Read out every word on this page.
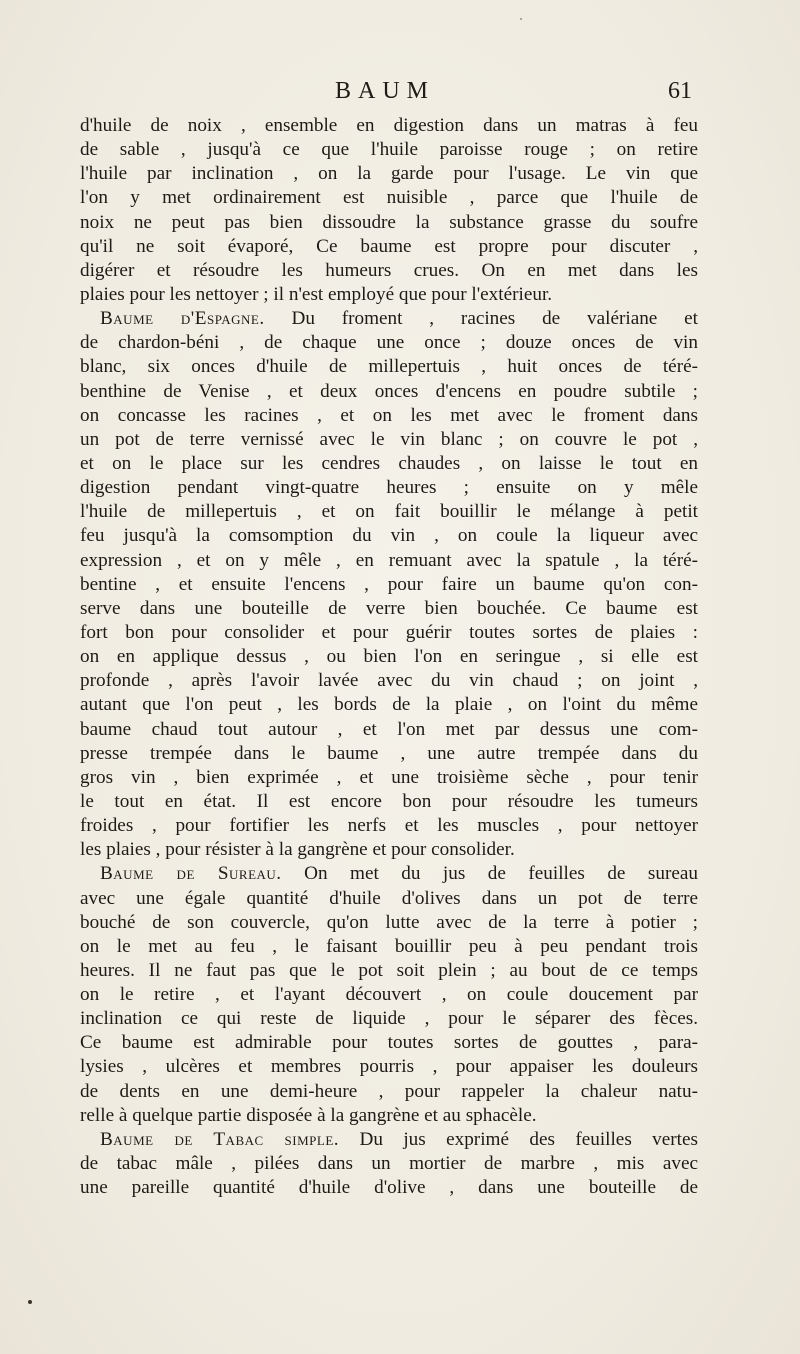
BAUM	61
d'huile de noix , ensemble en digestion dans un matras à feu
de sable , jusqu'à ce que l'huile paroisse rouge ; on retire
l'huile par inclination , on la garde pour l'usage. Le vin que
l'on y met ordinairement est nuisible , parce que l'huile de
noix ne peut pas bien dissoudre la substance grasse du soufre
qu'il ne soit évaporé, Ce baume est propre pour discuter ,
digérer et résoudre les humeurs crues. On en met dans les
plaies pour les nettoyer ; il n'est employé que pour l'extérieur.
Baume d'Espagne. Du froment , racines de valériane et
de chardon-béni , de chaque une once ; douze onces de vin
blanc, six onces d'huile de millepertuis , huit onces de téré-
benthine de Venise , et deux onces d'encens en poudre subtile ;
on concasse les racines , et on les met avec le froment dans
un pot de terre vernissé avec le vin blanc ; on couvre le pot ,
et on le place sur les cendres chaudes , on laisse le tout en
digestion pendant vingt-quatre heures ; ensuite on y mêle
l'huile de millepertuis , et on fait bouillir le mélange à petit
feu jusqu'à la comsomption du vin , on coule la liqueur avec
expression , et on y mêle , en remuant avec la spatule , la téré-
bentine , et ensuite l'encens , pour faire un baume qu'on con-
serve dans une bouteille de verre bien bouchée. Ce baume est
fort bon pour consolider et pour guérir toutes sortes de plaies :
on en applique dessus , ou bien l'on en seringue , si elle est
profonde , après l'avoir lavée avec du vin chaud ; on joint ,
autant que l'on peut , les bords de la plaie , on l'oint du même
baume chaud tout autour , et l'on met par dessus une com-
presse trempée dans le baume , une autre trempée dans du
gros vin , bien exprimée , et une troisième sèche , pour tenir
le tout en état. Il est encore bon pour résoudre les tumeurs
froides , pour fortifier les nerfs et les muscles , pour nettoyer
les plaies , pour résister à la gangrène et pour consolider.
Baume de Sureau. On met du jus de feuilles de sureau
avec une égale quantité d'huile d'olives dans un pot de terre
bouché de son couvercle, qu'on lutte avec de la terre à potier ;
on le met au feu , le faisant bouillir peu à peu pendant trois
heures. Il ne faut pas que le pot soit plein ; au bout de ce temps
on le retire , et l'ayant découvert , on coule doucement par
inclination ce qui reste de liquide , pour le séparer des fèces.
Ce baume est admirable pour toutes sortes de gouttes , para-
lysies , ulcères et membres pourris , pour appaiser les douleurs
de dents en une demi-heure , pour rappeler la chaleur natu-
relle à quelque partie disposée à la gangrène et au sphacèle.
Baume de Tabac simple. Du jus exprimé des feuilles vertes
de tabac mâle , pilées dans un mortier de marbre , mis avec
une pareille quantité d'huile d'olive , dans une bouteille de
